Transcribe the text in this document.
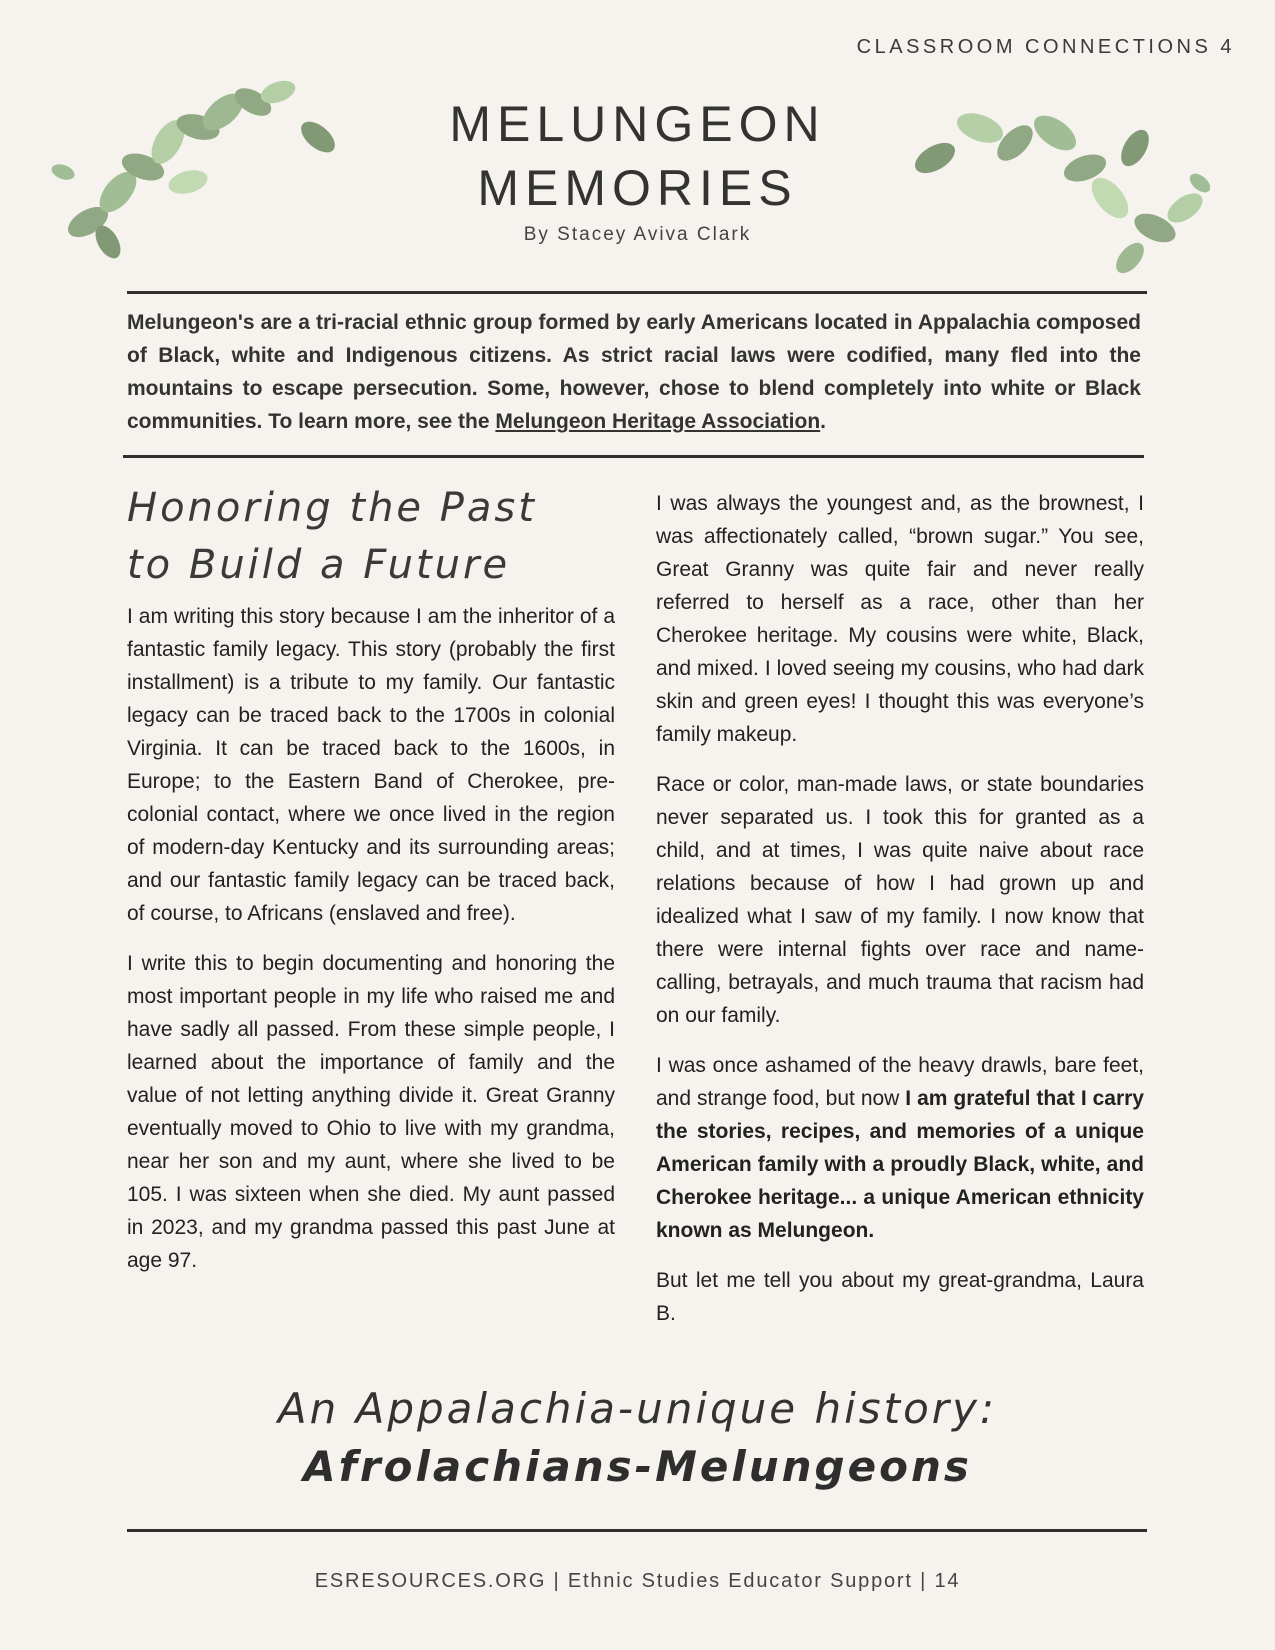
CLASSROOM CONNECTIONS 4
MELUNGEON
MEMORIES
By Stacey Aviva Clark

Melungeon's are a tri-racial ethnic group formed by early Americans located in Appalachia composed of Black, white and Indigenous citizens. As strict racial laws were codified, many fled into the mountains to escape persecution. Some, however, chose to blend completely into white or Black communities. To learn more, see the Melungeon Heritage Association.

Honoring the Past
to Build a Future

I am writing this story because I am the inheritor of a fantastic family legacy. This story (probably the first installment) is a tribute to my family. Our fantastic legacy can be traced back to the 1700s in colonial Virginia. It can be traced back to the 1600s, in Europe; to the Eastern Band of Cherokee, pre-colonial contact, where we once lived in the region of modern-day Kentucky and its surrounding areas; and our fantastic family legacy can be traced back, of course, to Africans (enslaved and free).

I write this to begin documenting and honoring the most important people in my life who raised me and have sadly all passed. From these simple people, I learned about the importance of family and the value of not letting anything divide it. Great Granny eventually moved to Ohio to live with my grandma, near her son and my aunt, where she lived to be 105. I was sixteen when she died. My aunt passed in 2023, and my grandma passed this past June at age 97.

I was always the youngest and, as the brownest, I was affectionately called, “brown sugar.” You see, Great Granny was quite fair and never really referred to herself as a race, other than her Cherokee heritage. My cousins were white, Black, and mixed. I loved seeing my cousins, who had dark skin and green eyes! I thought this was everyone’s family makeup.

Race or color, man-made laws, or state boundaries never separated us. I took this for granted as a child, and at times, I was quite naive about race relations because of how I had grown up and idealized what I saw of my family. I now know that there were internal fights over race and name-calling, betrayals, and much trauma that racism had on our family.

I was once ashamed of the heavy drawls, bare feet, and strange food, but now I am grateful that I carry the stories, recipes, and memories of a unique American family with a proudly Black, white, and Cherokee heritage... a unique American ethnicity known as Melungeon.

But let me tell you about my great-grandma, Laura B.

An Appalachia-unique history:
Afrolachians-Melungeons
ESRESOURCES.ORG | Ethnic Studies Educator Support | 14
